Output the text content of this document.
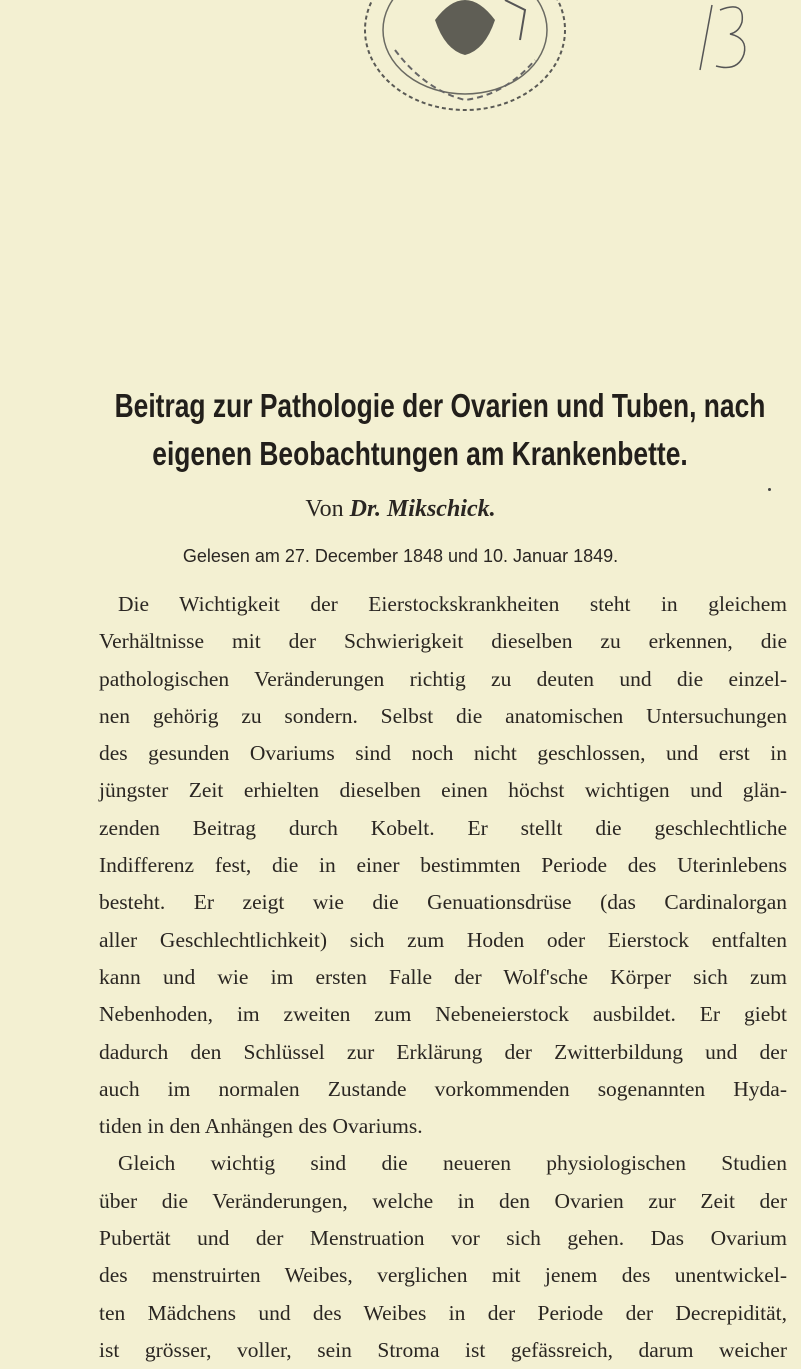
Beitrag zur Pathologie der Ovarien und Tuben, nach
eigenen Beobachtungen am Krankenbette.
Von Dr. Mikschick.
Gelesen am 27. December 1848 und 10. Januar 1849.
Die Wichtigkeit der Eierstockskrankheiten steht in gleichem
Verhältnisse mit der Schwierigkeit dieselben zu erkennen, die
pathologischen Veränderungen richtig zu deuten und die einzel-
nen gehörig zu sondern. Selbst die anatomischen Untersuchungen
des gesunden Ovariums sind noch nicht geschlossen, und erst in
jüngster Zeit erhielten dieselben einen höchst wichtigen und glän-
zenden Beitrag durch Kobelt. Er stellt die geschlechtliche
Indifferenz fest, die in einer bestimmten Periode des Uterinlebens
besteht. Er zeigt wie die Genuationsdrüse (das Cardinalorgan
aller Geschlechtlichkeit) sich zum Hoden oder Eierstock entfalten
kann und wie im ersten Falle der Wolf'sche Körper sich zum
Nebenhoden, im zweiten zum Nebeneierstock ausbildet. Er giebt
dadurch den Schlüssel zur Erklärung der Zwitterbildung und der
auch im normalen Zustande vorkommenden sogenannten Hyda-
tiden in den Anhängen des Ovariums.
Gleich wichtig sind die neueren physiologischen Studien
über die Veränderungen, welche in den Ovarien zur Zeit der
Pubertät und der Menstruation vor sich gehen. Das Ovarium
des menstruirten Weibes, verglichen mit jenem des unentwickel-
ten Mädchens und des Weibes in der Periode der Decrepidität,
ist grösser, voller, sein Stroma ist gefässreich, darum weicher
